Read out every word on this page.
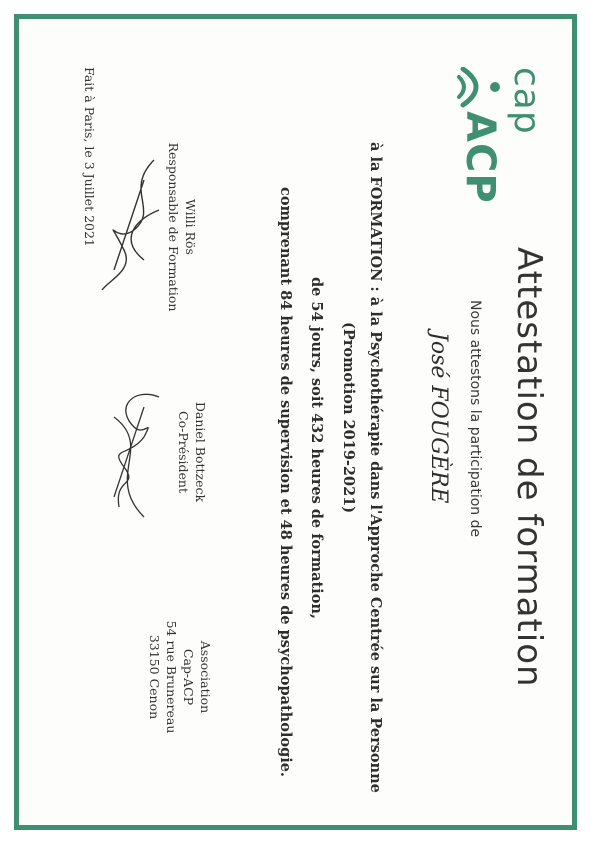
cap
ACP
Attestation de formation
Nous attestons la participation de
José FOUGÈRE
à la FORMATION : à la Psychothérapie dans l'Approche Centrée sur la Personne
(Promotion 2019-2021)
de 54 jours, soit 432 heures de formation,
comprenant 84 heures de supervision et 48 heures de psychopathologie.
Association
Cap-ACP
54 rue Brunereau
33150 Cenon
Willi Rös
Responsable de Formation
Daniel Bottzeck
Co-Président
Fait à Paris, le 3 Juillet 2021
